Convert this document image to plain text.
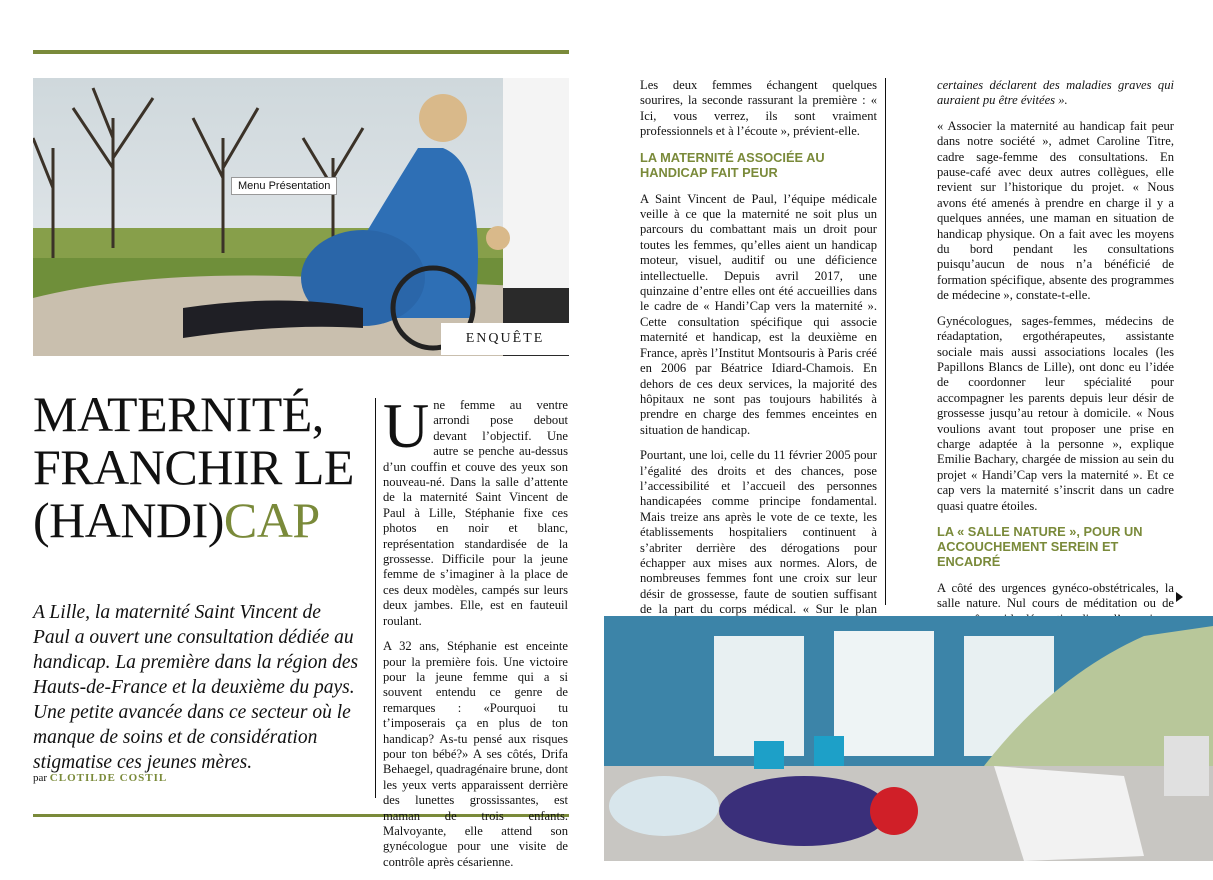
Menu Présentation
ENQUÊTE
MATERNITÉ,
FRANCHIR LE
(HANDI)CAP
A Lille, la maternité Saint Vincent de Paul a ouvert une consultation dédiée au handicap. La première dans la région des Hauts-de-France et la deuxième du pays. Une petite avancée dans ce secteur où le manque de soins et de considération stigmatise ces jeunes mères.
par CLOTILDE COSTIL

Une femme au ventre arrondi pose debout devant l’objectif. Une autre se penche au-dessus d’un couffin et couve des yeux son nouveau-né. Dans la salle d’attente de la maternité Saint Vincent de Paul à Lille, Stéphanie fixe ces photos en noir et blanc, représentation standardisée de la grossesse. Difficile pour la jeune femme de s’imaginer à la place de ces deux modèles, campés sur leurs deux jambes. Elle, est en fauteuil roulant.

A 32 ans, Stéphanie est enceinte pour la première fois. Une victoire pour la jeune femme qui a si souvent entendu ce genre de remarques : «Pourquoi tu t’imposerais ça en plus de ton handicap? As-tu pensé aux risques pour ton bébé?» A ses côtés, Drifa Behaegel, quadragénaire brune, dont les yeux verts apparaissent derrière des lunettes grossissantes, est maman de trois enfants. Malvoyante, elle attend son gynécologue pour une visite de contrôle après césarienne.

Les deux femmes échangent quelques sourires, la seconde rassurant la première : « Ici, vous verrez, ils sont vraiment professionnels et à l’écoute », prévient-elle.

LA MATERNITÉ ASSOCIÉE AU HANDICAP FAIT PEUR

A Saint Vincent de Paul, l’équipe médicale veille à ce que la maternité ne soit plus un parcours du combattant mais un droit pour toutes les femmes, qu’elles aient un handicap moteur, visuel, auditif ou une déficience intellectuelle. Depuis avril 2017, une quinzaine d’entre elles ont été accueillies dans le cadre de « Handi’Cap vers la maternité ». Cette consultation spécifique qui associe maternité et handicap, est la deuxième en France, après l’Institut Montsouris à Paris créé en 2006 par Béatrice Idiard-Chamois. En dehors de ces deux services, la majorité des hôpitaux ne sont pas toujours habilités à prendre en charge des femmes enceintes en situation de handicap.

Pourtant, une loi, celle du 11 février 2005 pour l’égalité des droits et des chances, pose l’accessibilité et l’accueil des personnes handicapées comme principe fondamental. Mais treize ans après le vote de ce texte, les établissements hospitaliers continuent à s’abriter derrière des dérogations pour échapper aux mises aux normes. Alors, de nombreuses femmes font une croix sur leur désir de grossesse, faute de soutien suffisant de la part du corps médical. « Sur le plan

certaines déclarent des maladies graves qui auraient pu être évitées ».

« Associer la maternité au handicap fait peur dans notre société », admet Caroline Titre, cadre sage-femme des consultations. En pause-café avec deux autres collègues, elle revient sur l’historique du projet. « Nous avons été amenés à prendre en charge il y a quelques années, une maman en situation de handicap physique. On a fait avec les moyens du bord pendant les consultations puisqu’aucun de nous n’a bénéficié de formation spécifique, absente des programmes de médecine », constate-t-elle.

Gynécologues, sages-femmes, médecins de réadaptation, ergothérapeutes, assistante sociale mais aussi associations locales (les Papillons Blancs de Lille), ont donc eu l’idée de coordonner leur spécialité pour accompagner les parents depuis leur désir de grossesse jusqu’au retour à domicile. « Nous voulions avant tout proposer une prise en charge adaptée à la personne », explique Emilie Bachary, chargée de mission au sein du projet « Handi’Cap vers la maternité ». Et ce cap vers la maternité s’inscrit dans un cadre quasi quatre étoiles.

LA « SALLE NATURE », POUR UN ACCOUCHEMENT SEREIN ET ENCADRÉ

A côté des urgences gynéco-obstétricales, la salle nature. Nul cours de méditation ou de
